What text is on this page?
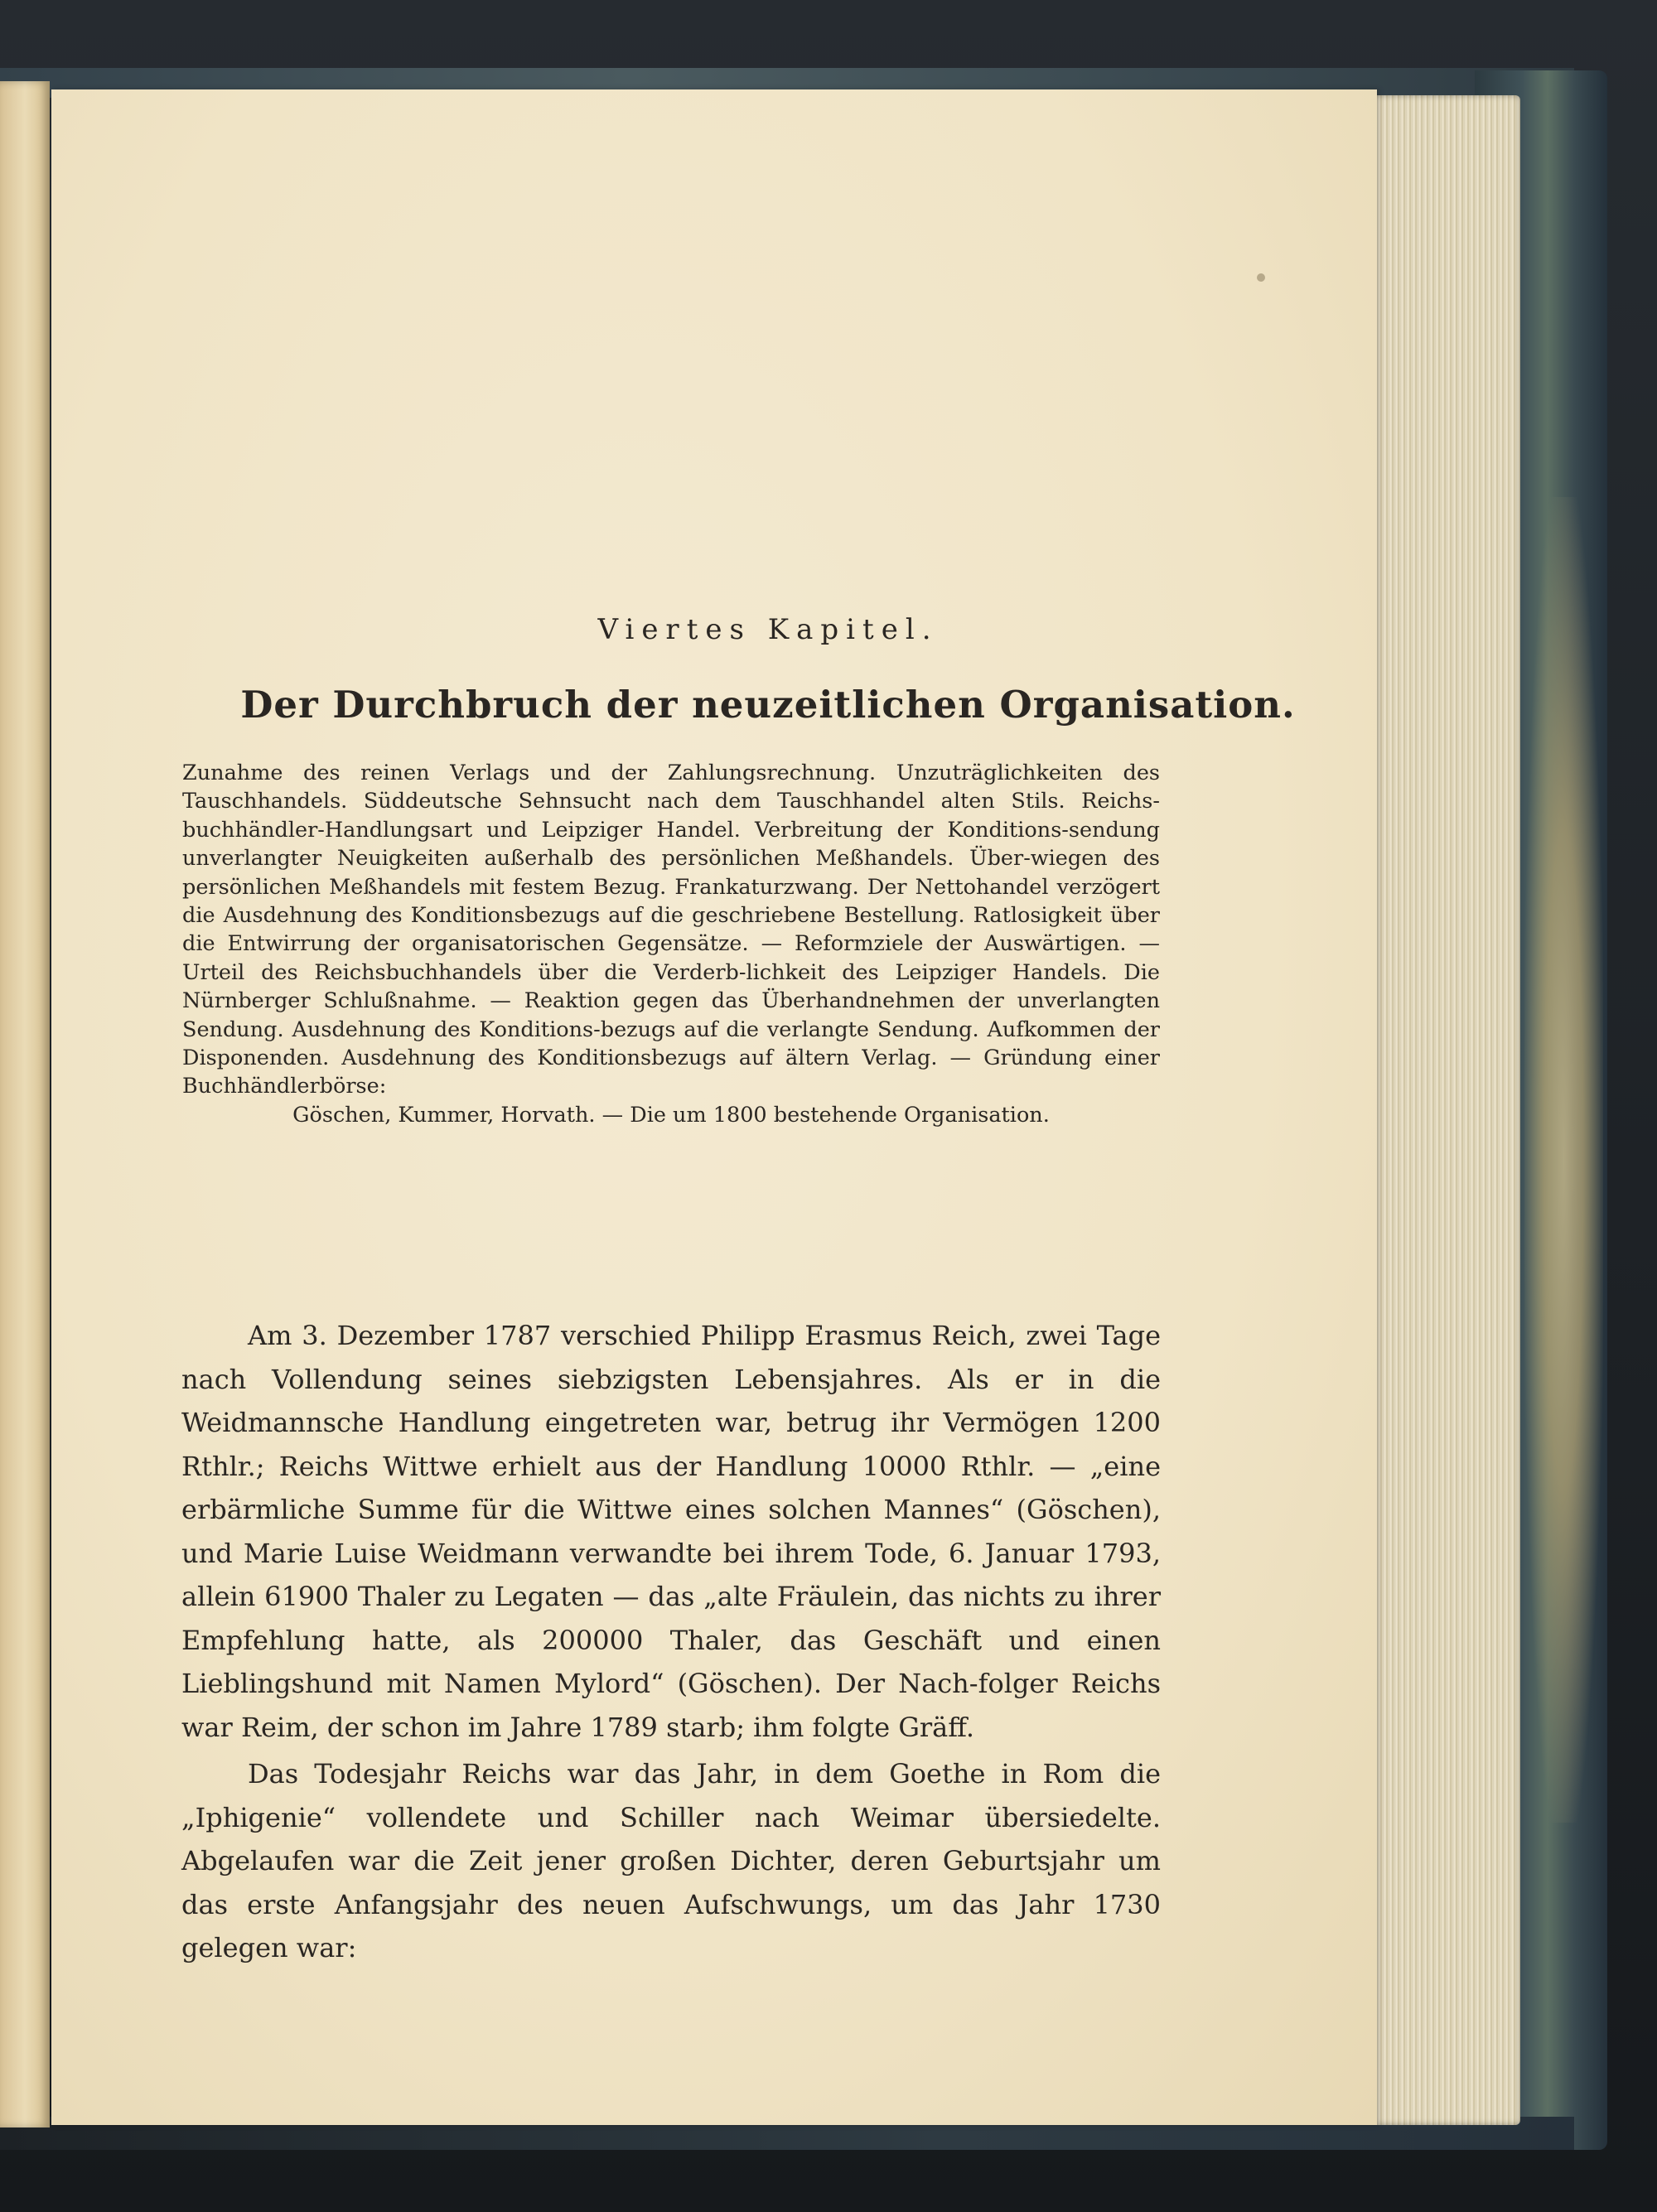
Viertes Kapitel.
Der Durchbruch der neuzeitlichen Organisation.
Zunahme des reinen Verlags und der Zahlungsrechnung. Unzuträglichkeiten des Tauschhandels. Süddeutsche Sehnsucht nach dem Tauschhandel alten Stils. Reichs-buchhändler-Handlungsart und Leipziger Handel. Verbreitung der Konditions-sendung unverlangter Neuigkeiten außerhalb des persönlichen Meßhandels. Über-wiegen des persönlichen Meßhandels mit festem Bezug. Frankaturzwang. Der Nettohandel verzögert die Ausdehnung des Konditionsbezugs auf die geschriebene Bestellung. Ratlosigkeit über die Entwirrung der organisatorischen Gegensätze. — Reformziele der Auswärtigen. — Urteil des Reichsbuchhandels über die Verderb-lichkeit des Leipziger Handels. Die Nürnberger Schlußnahme. — Reaktion gegen das Überhandnehmen der unverlangten Sendung. Ausdehnung des Konditions-bezugs auf die verlangte Sendung. Aufkommen der Disponenden. Ausdehnung des Konditionsbezugs auf ältern Verlag. — Gründung einer Buchhändlerbörse:
Göschen, Kummer, Horvath. — Die um 1800 bestehende Organisation.

Am 3. Dezember 1787 verschied Philipp Erasmus Reich, zwei Tage nach Vollendung seines siebzigsten Lebensjahres. Als er in die Weidmannsche Handlung eingetreten war, betrug ihr Vermögen 1200 Rthlr.; Reichs Wittwe erhielt aus der Handlung 10000 Rthlr. — „eine erbärmliche Summe für die Wittwe eines solchen Mannes“ (Göschen), und Marie Luise Weidmann verwandte bei ihrem Tode, 6. Januar 1793, allein 61900 Thaler zu Legaten — das „alte Fräulein, das nichts zu ihrer Empfehlung hatte, als 200000 Thaler, das Geschäft und einen Lieblingshund mit Namen Mylord“ (Göschen). Der Nach-folger Reichs war Reim, der schon im Jahre 1789 starb; ihm folgte Gräff.

Das Todesjahr Reichs war das Jahr, in dem Goethe in Rom die „Iphigenie“ vollendete und Schiller nach Weimar übersiedelte. Abgelaufen war die Zeit jener großen Dichter, deren Geburtsjahr um das erste Anfangsjahr des neuen Aufschwungs, um das Jahr 1730 gelegen war:
